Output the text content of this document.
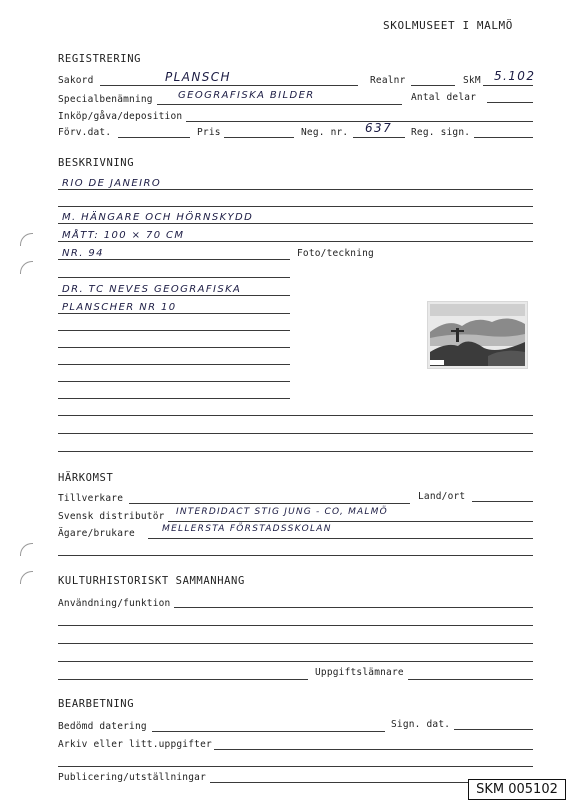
SKOLMUSEET I MALMÖ
REGISTRERING
Sakord	PLANSCH	Realnr	SkM 5.102
Specialbenämning	GEOGRAFISKA BILDER	Antal delar
Inköp/gåva/deposition
Förv.dat.	Pris	Neg. nr. 637 Reg. sign.
BESKRIVNING
RIO DE JANEIRO
M. HÄNGARE OCH HÖRNSKYDD
MÅTT: 100 × 70 CM
NR. 94	Foto/teckning
DR. TC NEVES GEOGRAFISKA
PLANSCHER NR 10
HÄRKOMST
Tillverkare	Land/ort
Svensk distributör INTERDIDACT STIG JUNG - CO, MALMÖ
Ägare/brukare	MELLERSTA FÖRSTADSSKOLAN
KULTURHISTORISKT SAMMANHANG
Användning/funktion
Uppgiftslämnare
BEARBETNING
Bedömd datering	Sign. dat.
Arkiv eller litt.uppgifter
Publicering/utställningar
SKM 005102
